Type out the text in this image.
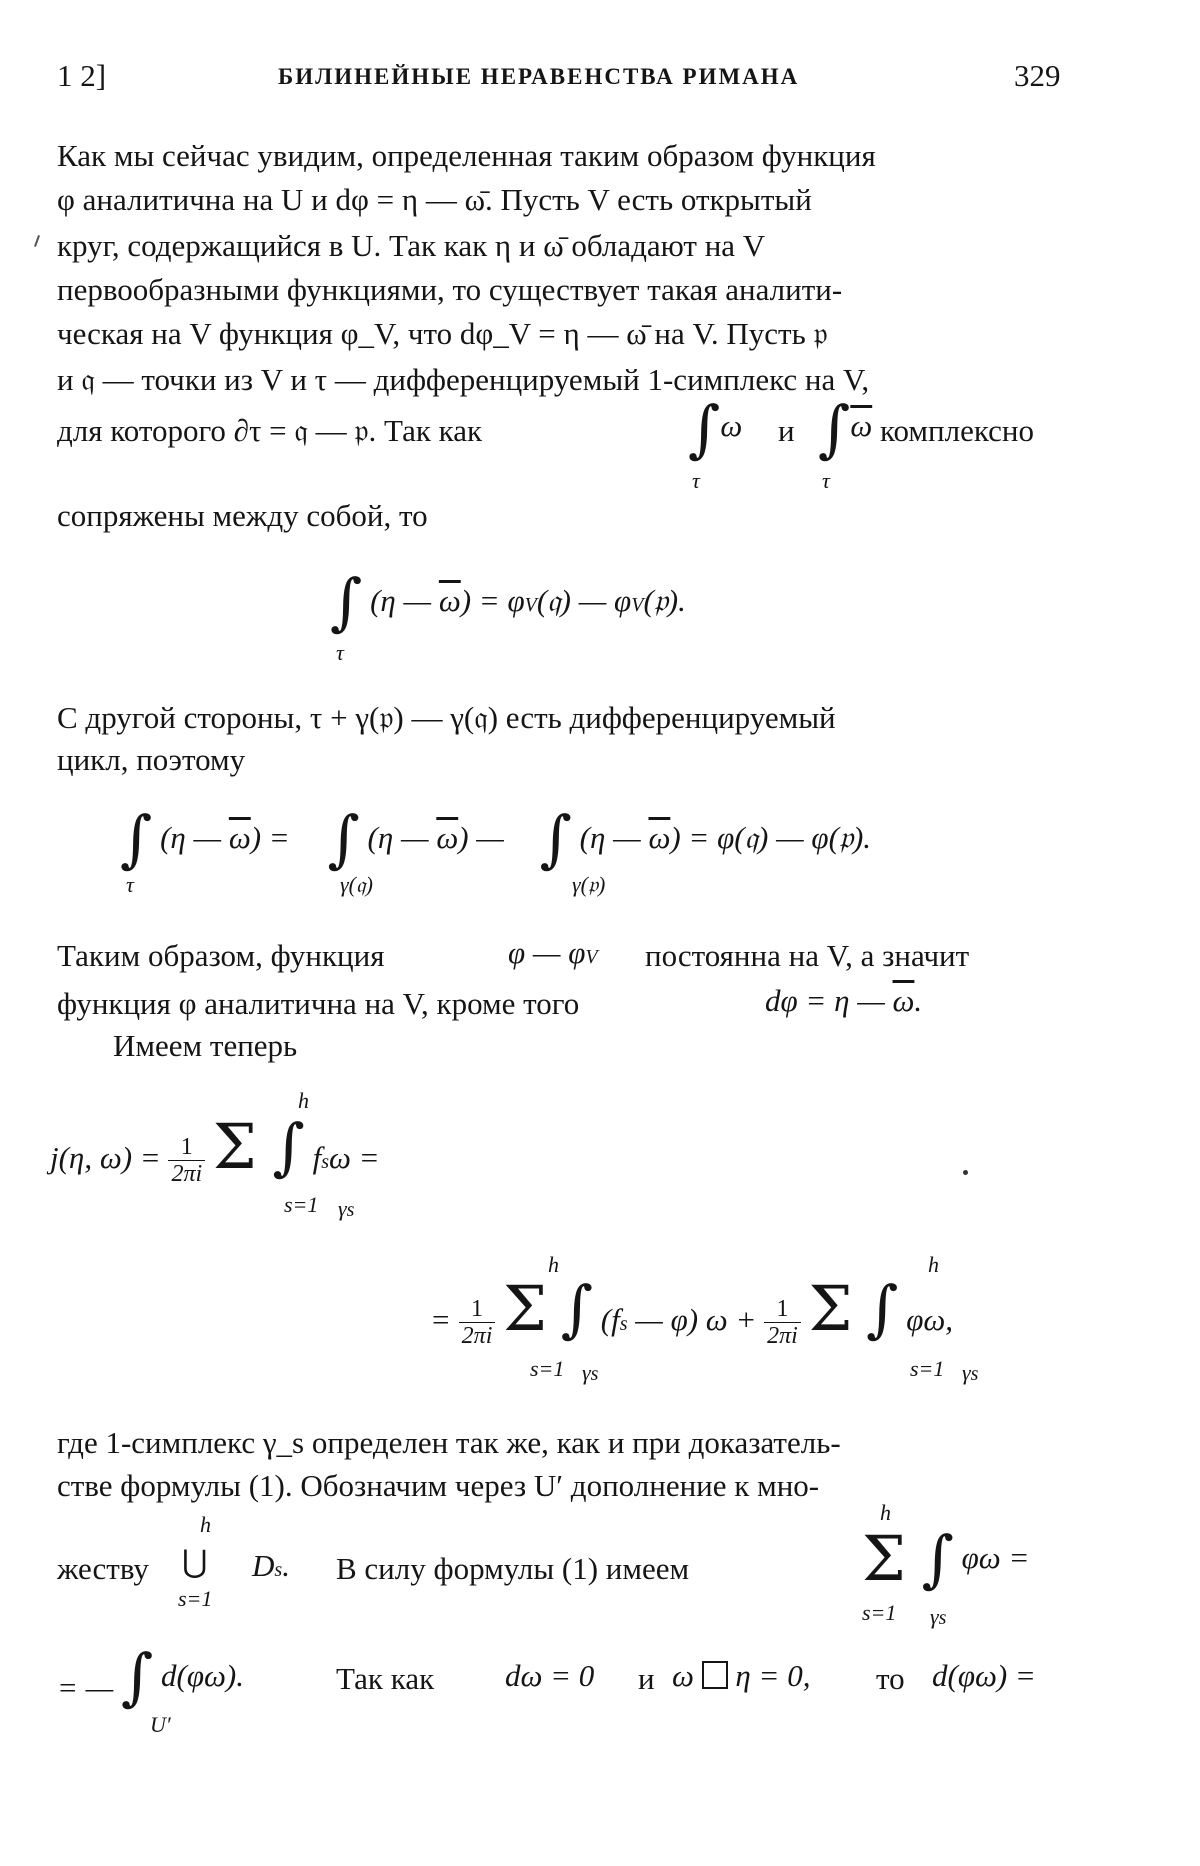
1 2]	БИЛИНЕЙНЫЕ НЕРАВЕНСТВА РИМАНА	329
Как мы сейчас увидим, определенная таким образом функция
φ аналитична на U и dφ = η — ω̄. Пусть V есть открытый
круг, содержащийся в U. Так как η и ω̄ обладают на V
первообразными функциями, то существует такая аналити-
ческая на V функция φ_V, что dφ_V = η — ω̄ на V. Пусть 𝔭
и 𝔮 — точки из V и τ — дифференцируемый 1-симплекс на V,
для которого ∂τ = 𝔮 — 𝔭. Так как	∫ω
τ
и $\int\overline{\omega}$
τ
комплексно
сопряжены между собой, то
∫ (η — $\overline{\omega}$) = φV(𝔮) — φV(𝔭).
τ
С другой стороны, τ + γ(𝔭) — γ(𝔮) есть дифференцируемый
цикл, поэтому
∫ (η — $\overline{\omega}$) = ∫ (η — $\overline{\omega}$) — ∫ (η — $\overline{\omega}$) = φ(𝔮) — φ(𝔭).
τ	γ(𝔮)	γ(𝔭)
Таким образом, функция	φ — φV постоянна на V, а значит
функция φ аналитична на V, кроме того	dφ = η — $\overline{\omega}$.
Имеем теперь
j(η, $\omega) = \frac{1}{2\pi i}$ Σ ∫ fsω =
h
s=1 γs
= $\frac{1}{2\pi i}$ Σ ∫ (fs — φ) $\omega + \frac{1}{2\pi i}$ Σ ∫ φω,
h
s=1 γs
h
s=1 γs
где 1-симплекс γ_s определен так же, как и при доказатель-
стве формулы (1). Обозначим через U′ дополнение к мно-
жеству ⋃
h
s=1
Ds. В силу формулы (1) имеем	Σ ∫ φω =
h
s=1 γs
= — ∫ d(φω).
U′
Так как dω = 0 и ω  η = 0, то d(φω) =
